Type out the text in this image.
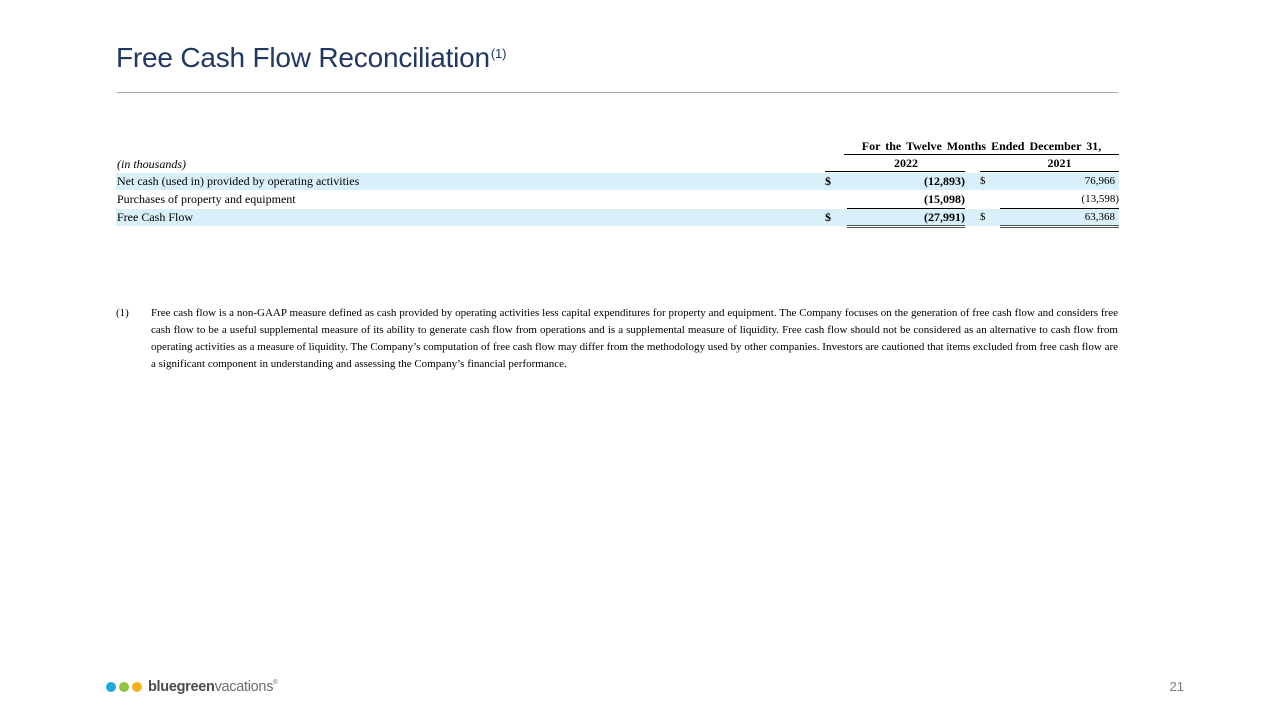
Free Cash Flow Reconciliation$^{(1)}$
For the Twelve Months Ended December 31,
(in thousands)	2022	2021
Net cash (used in) provided by operating activities	$	(12,893) $	76,966
Purchases of property and equipment	(15,098)	(13,598)
Free Cash Flow	$	(27,991) $	63,368
(1) Free cash flow is a non-GAAP measure defined as cash provided by operating activities less capital expenditures for property and equipment. The Company focuses on the generation of free cash flow and considers free cash flow to be a useful supplemental measure of its ability to generate cash flow from operations and is a supplemental measure of liquidity. Free cash flow should not be considered as an alternative to cash flow from operating activities as a measure of liquidity. The Company’s computation of free cash flow may differ from the methodology used by other companies. Investors are cautioned that items excluded from free cash flow are a significant component in understanding and assessing the Company’s financial performance.
bluegreenvacations®	21
